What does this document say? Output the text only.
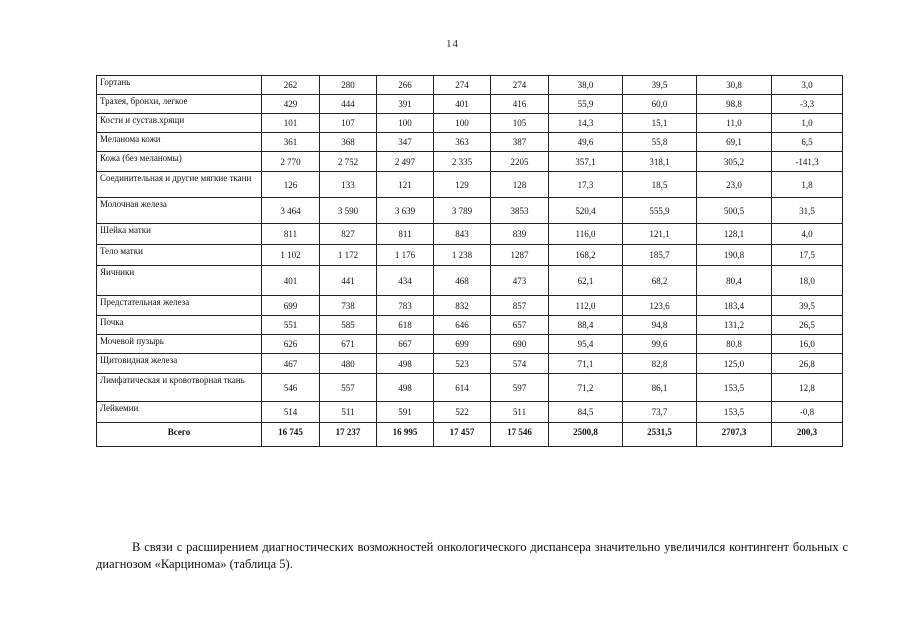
14
Гортань	262	280	266	274	274	38,0	39,5	30,8	3,0
Трахея, бронхи, легкое	429	444	391	401	416	55,9	60,0	98,8	-3,3
Кости и сустав.хрящи	101	107	100	100	105	14,3	15,1	11,0	1,0
Меланома кожи	361	368	347	363	387	49,6	55,8	69,1	6,5
Кожа (без меланомы)	2 770	2 752	2 497	2 335	2205	357,1	318,1	305,2	-141,3
Соединительная и другие мягкие ткани	126	133	121	129	128	17,3	18,5	23,0	1,8
Молочная железа	3 464	3 590	3 639	3 789	3853	520,4	555,9	500,5	31,5
Шейка матки	811	827	811	843	839	116,0	121,1	128,1	4,0
Тело матки	1 102	1 172	1 176	1 238	1287	168,2	185,7	190,8	17,5
Яичники	401	441	434	468	473	62,1	68,2	80,4	18,0
Предстательная железа	699	738	783	832	857	112,0	123,6	183,4	39,5
Почка	551	585	618	646	657	88,4	94,8	131,2	26,5
Мочевой пузырь	626	671	667	699	690	95,4	99,6	80,8	16,0
Щитовидная железа	467	480	498	523	574	71,1	82,8	125,0	26,8
Лимфатическая и кровотворная ткань	546	557	498	614	597	71,2	86,1	153,5	12,8
Лейкемии	514	511	591	522	511	84,5	73,7	153,5	-0,8
Всего	16 745	17 237	16 995	17 457	17 546	2500,8	2531,5	2707,3	200,3
В связи с расширением диагностических возможностей онкологического диспансера значительно увеличился контингент больных с диагнозом «Карцинома» (таблица 5).
